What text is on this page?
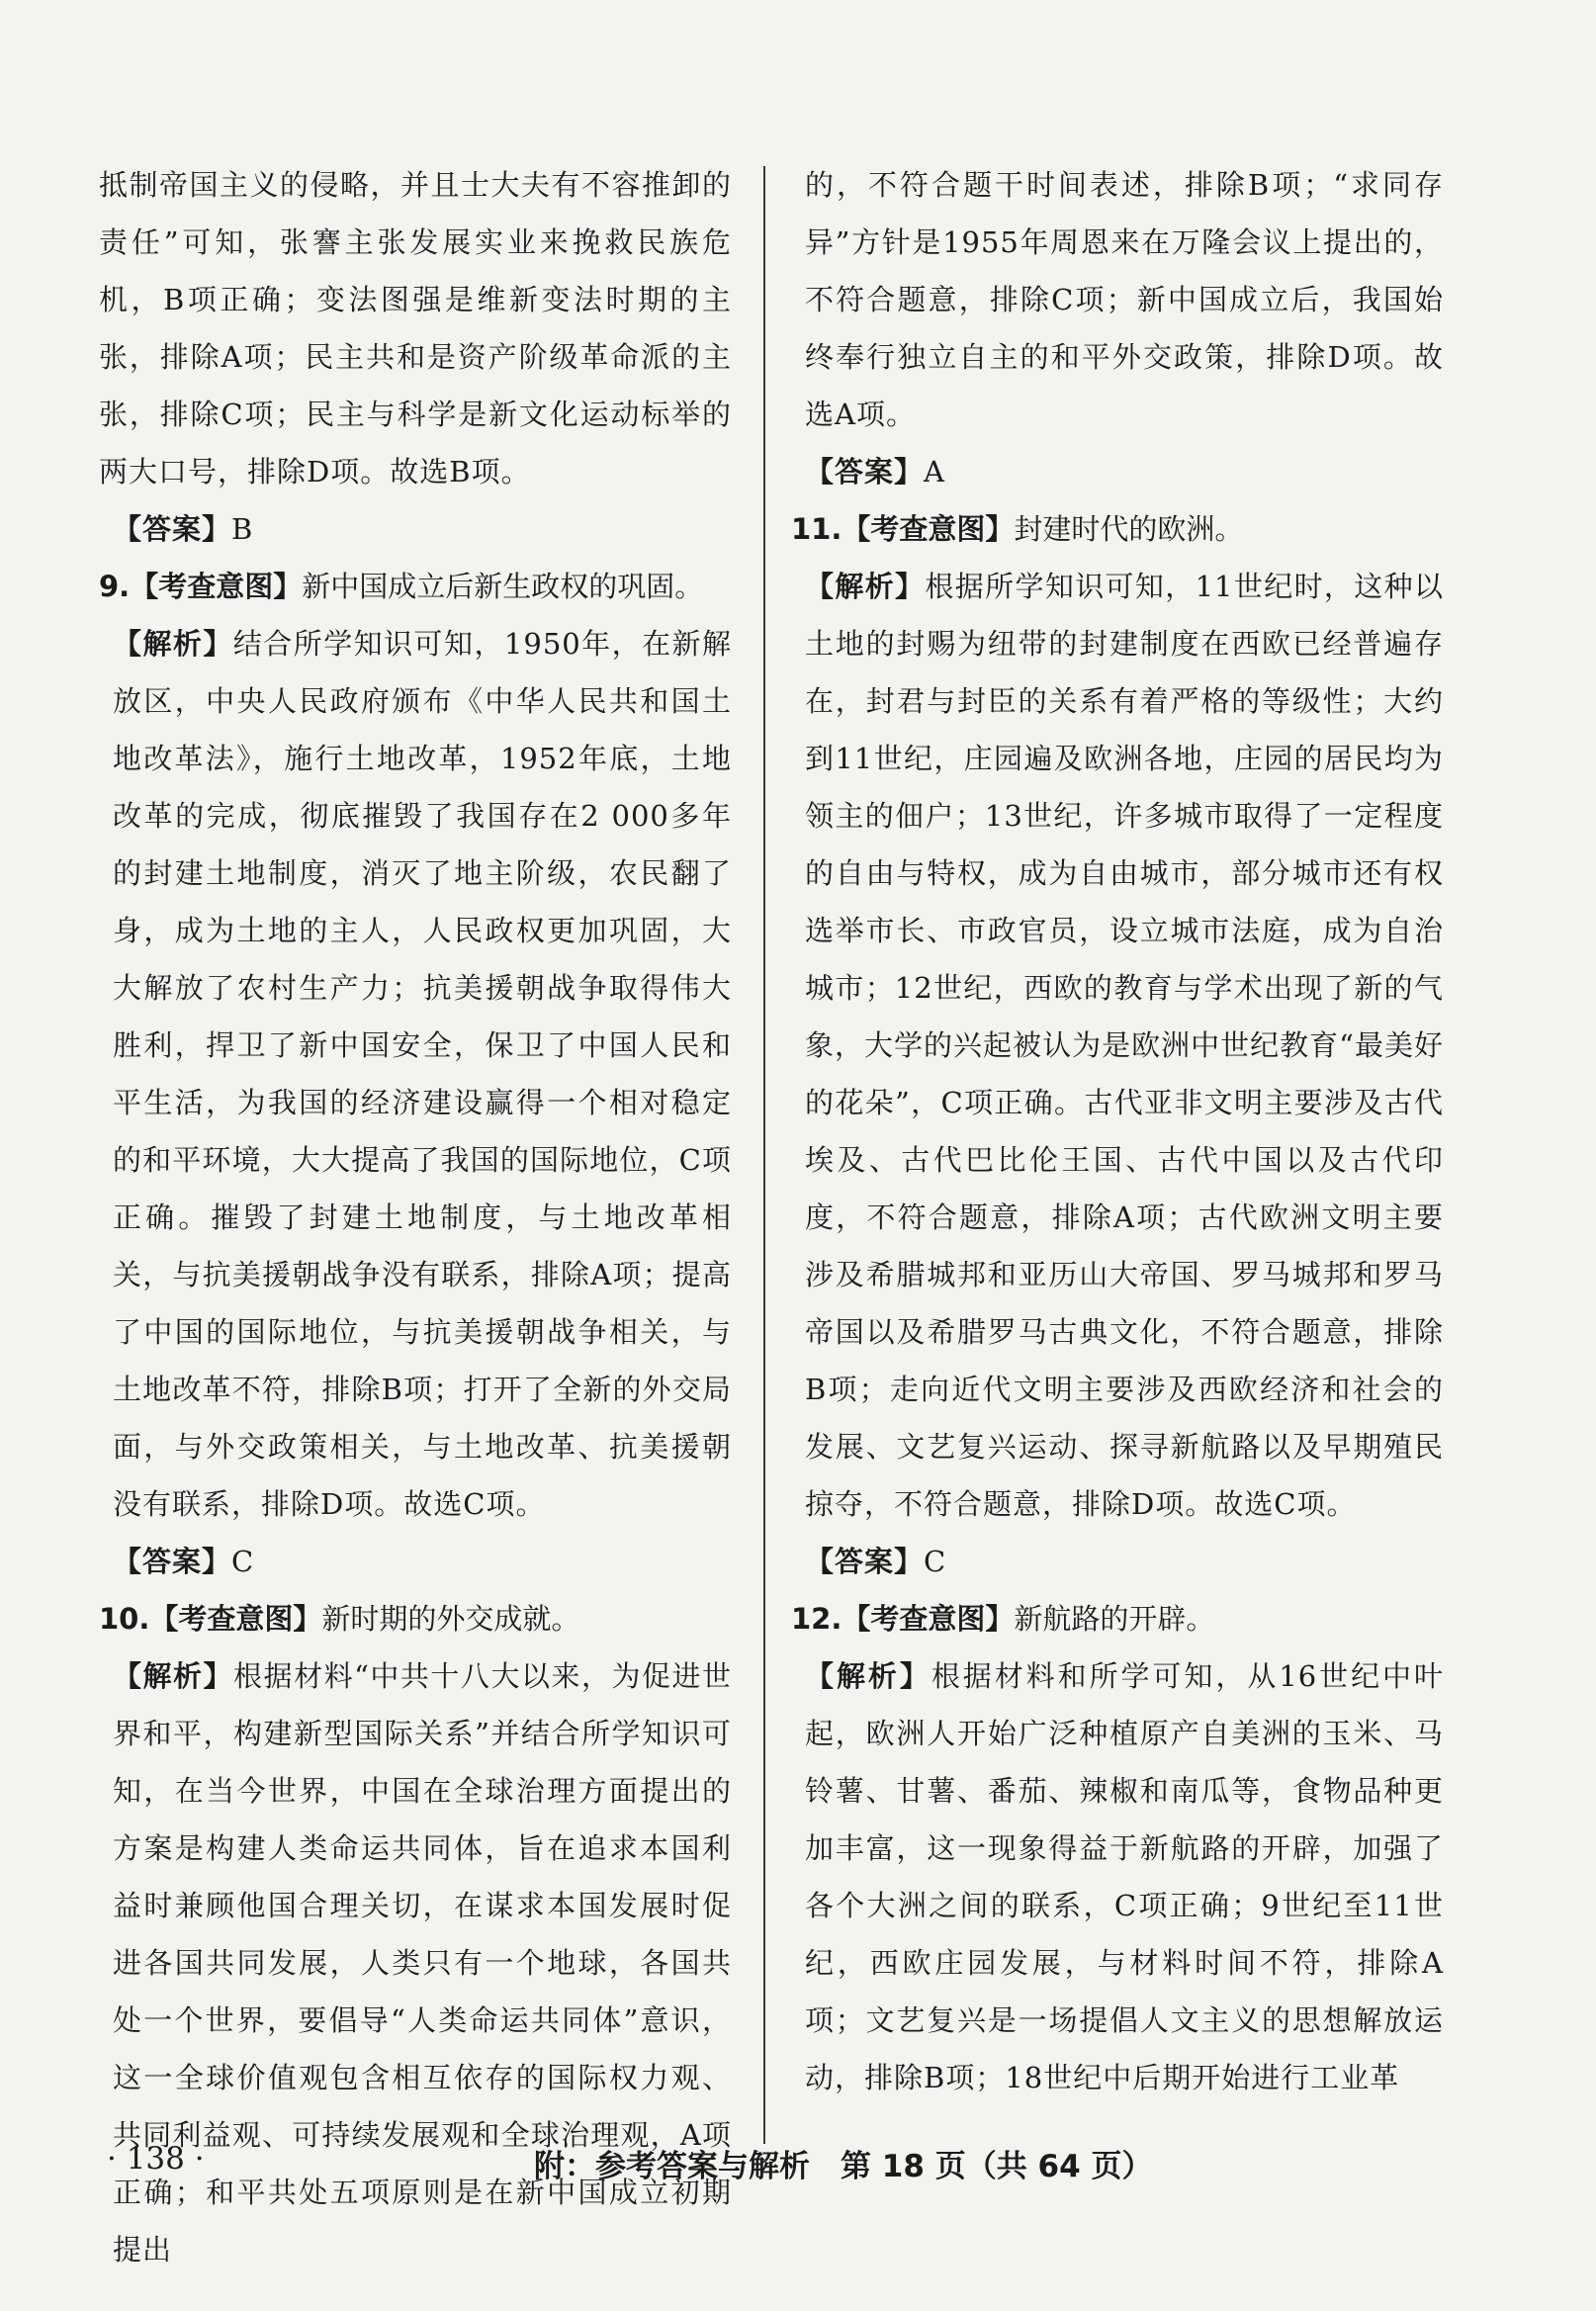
抵制帝国主义的侵略，并且士大夫有不容推卸的责任”可知，张謇主张发展实业来挽救民族危机，B项正确；变法图强是维新变法时期的主张，排除A项；民主共和是资产阶级革命派的主张，排除C项；民主与科学是新文化运动标举的两大口号，排除D项。故选B项。

【答案】B

9.【考查意图】新中国成立后新生政权的巩固。

【解析】结合所学知识可知，1950年，在新解放区，中央人民政府颁布《中华人民共和国土地改革法》，施行土地改革，1952年底，土地改革的完成，彻底摧毁了我国存在2 000多年的封建土地制度，消灭了地主阶级，农民翻了身，成为土地的主人，人民政权更加巩固，大大解放了农村生产力；抗美援朝战争取得伟大胜利，捍卫了新中国安全，保卫了中国人民和平生活，为我国的经济建设赢得一个相对稳定的和平环境，大大提高了我国的国际地位，C项正确。摧毁了封建土地制度，与土地改革相关，与抗美援朝战争没有联系，排除A项；提高了中国的国际地位，与抗美援朝战争相关，与土地改革不符，排除B项；打开了全新的外交局面，与外交政策相关，与土地改革、抗美援朝没有联系，排除D项。故选C项。

【答案】C

10.【考查意图】新时期的外交成就。

【解析】根据材料“中共十八大以来，为促进世界和平，构建新型国际关系”并结合所学知识可知，在当今世界，中国在全球治理方面提出的方案是构建人类命运共同体，旨在追求本国利益时兼顾他国合理关切，在谋求本国发展时促进各国共同发展，人类只有一个地球，各国共处一个世界，要倡导“人类命运共同体”意识，这一全球价值观包含相互依存的国际权力观、共同利益观、可持续发展观和全球治理观，A项正确；和平共处五项原则是在新中国成立初期提出

的，不符合题干时间表述，排除B项；“求同存异”方针是1955年周恩来在万隆会议上提出的，不符合题意，排除C项；新中国成立后，我国始终奉行独立自主的和平外交政策，排除D项。故选A项。

【答案】A

11.【考查意图】封建时代的欧洲。

【解析】根据所学知识可知，11世纪时，这种以土地的封赐为纽带的封建制度在西欧已经普遍存在，封君与封臣的关系有着严格的等级性；大约到11世纪，庄园遍及欧洲各地，庄园的居民均为领主的佃户；13世纪，许多城市取得了一定程度的自由与特权，成为自由城市，部分城市还有权选举市长、市政官员，设立城市法庭，成为自治城市；12世纪，西欧的教育与学术出现了新的气象，大学的兴起被认为是欧洲中世纪教育“最美好的花朵”，C项正确。古代亚非文明主要涉及古代埃及、古代巴比伦王国、古代中国以及古代印度，不符合题意，排除A项；古代欧洲文明主要涉及希腊城邦和亚历山大帝国、罗马城邦和罗马帝国以及希腊罗马古典文化，不符合题意，排除B项；走向近代文明主要涉及西欧经济和社会的发展、文艺复兴运动、探寻新航路以及早期殖民掠夺，不符合题意，排除D项。故选C项。

【答案】C

12.【考查意图】新航路的开辟。

【解析】根据材料和所学可知，从16世纪中叶起，欧洲人开始广泛种植原产自美洲的玉米、马铃薯、甘薯、番茄、辣椒和南瓜等，食物品种更加丰富，这一现象得益于新航路的开辟，加强了各个大洲之间的联系，C项正确；9世纪至11世纪，西欧庄园发展，与材料时间不符，排除A项；文艺复兴是一场提倡人文主义的思想解放运动，排除B项；18世纪中后期开始进行工业革

· 138 ·	附：参考答案与解析　第 18 页（共 64 页）
